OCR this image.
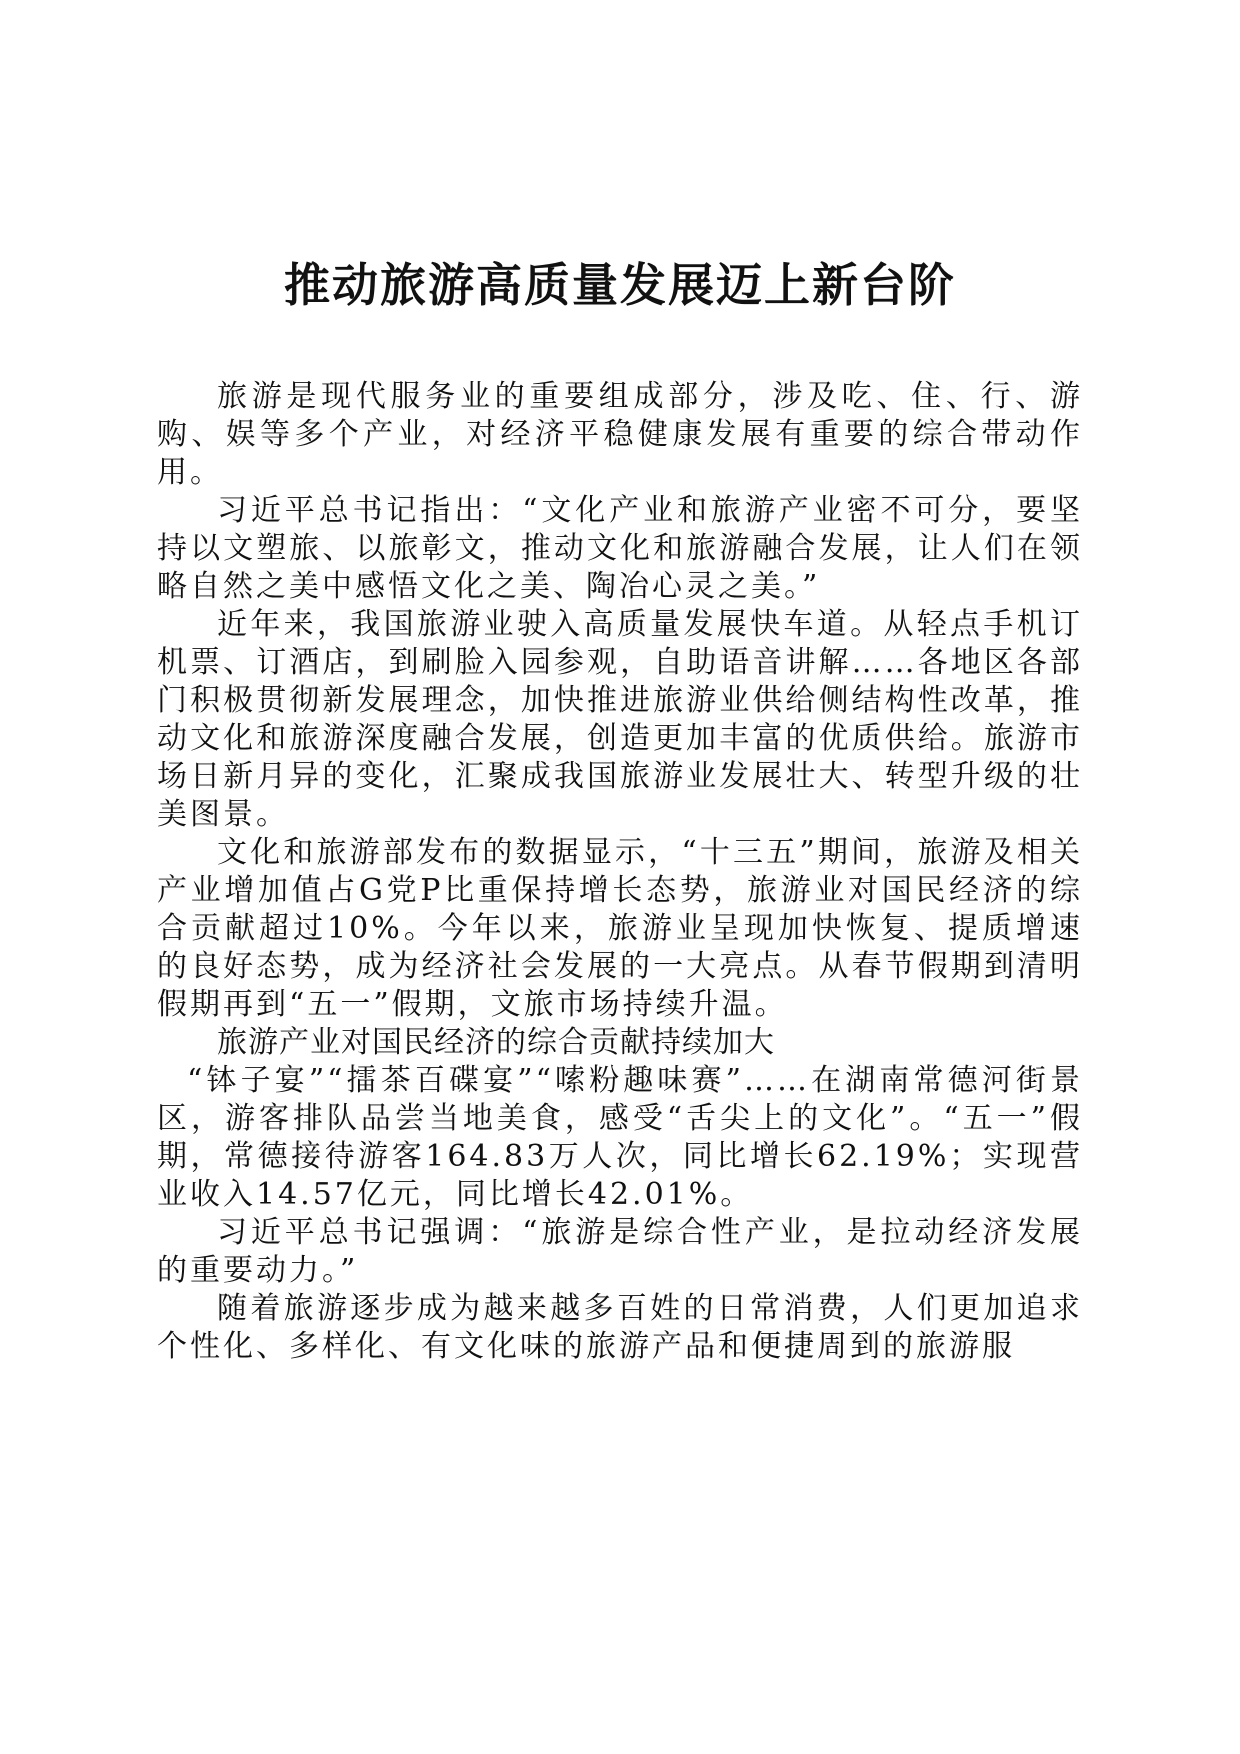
推动旅游高质量发展迈上新台阶

旅游是现代服务业的重要组成部分，涉及吃、住、行、游购、娱等多个产业，对经济平稳健康发展有重要的综合带动作用。

习近平总书记指出：“文化产业和旅游产业密不可分，要坚持以文塑旅、以旅彰文，推动文化和旅游融合发展，让人们在领略自然之美中感悟文化之美、陶冶心灵之美。”

近年来，我国旅游业驶入高质量发展快车道。从轻点手机订机票、订酒店，到刷脸入园参观，自助语音讲解……各地区各部门积极贯彻新发展理念，加快推进旅游业供给侧结构性改革，推动文化和旅游深度融合发展，创造更加丰富的优质供给。旅游市场日新月异的变化，汇聚成我国旅游业发展壮大、转型升级的壮美图景。

文化和旅游部发布的数据显示，“十三五”期间，旅游及相关产业增加值占G党P比重保持增长态势，旅游业对国民经济的综合贡献超过10%。今年以来，旅游业呈现加快恢复、提质增速的良好态势，成为经济社会发展的一大亮点。从春节假期到清明假期再到“五一”假期，文旅市场持续升温。

旅游产业对国民经济的综合贡献持续加大

“钵子宴”“擂茶百碟宴”“嗦粉趣味赛”……在湖南常德河街景区，游客排队品尝当地美食，感受“舌尖上的文化”。“五一”假期，常德接待游客164.83万人次，同比增长62.19%；实现营业收入14.57亿元，同比增长42.01%。

习近平总书记强调：“旅游是综合性产业，是拉动经济发展的重要动力。”

随着旅游逐步成为越来越多百姓的日常消费，人们更加追求个性化、多样化、有文化味的旅游产品和便捷周到的旅游服
